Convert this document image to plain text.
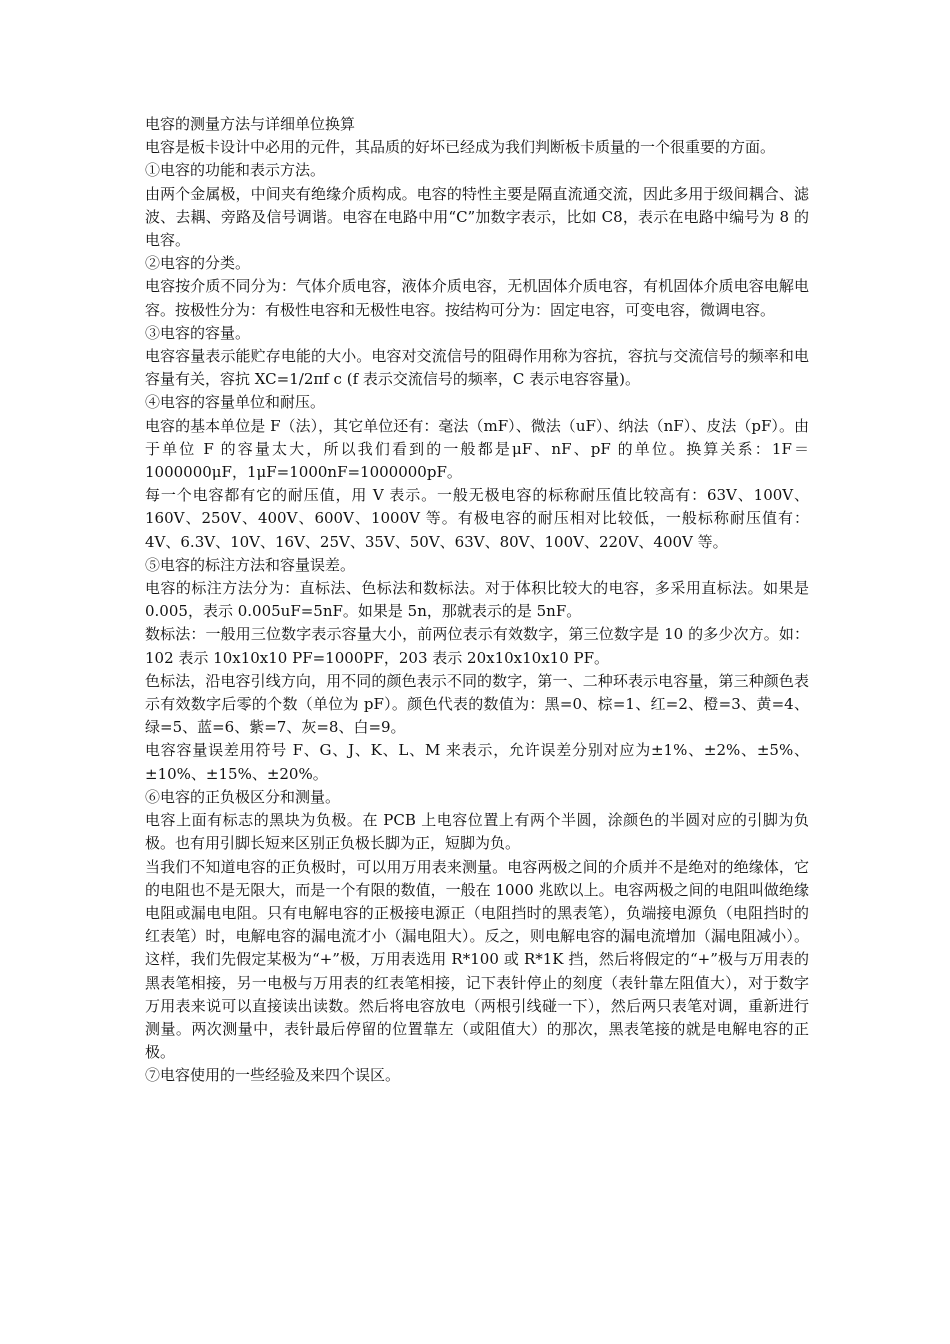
电容的测量方法与详细单位换算

电容是板卡设计中必用的元件，其品质的好坏已经成为我们判断板卡质量的一个很重要的方面。

①电容的功能和表示方法。

由两个金属极，中间夹有绝缘介质构成。电容的特性主要是隔直流通交流，因此多用于级间耦合、滤波、去耦、旁路及信号调谐。电容在电路中用“C”加数字表示，比如 C8，表示在电路中编号为 8 的电容。

②电容的分类。

电容按介质不同分为：气体介质电容，液体介质电容，无机固体介质电容，有机固体介质电容电解电容。按极性分为：有极性电容和无极性电容。按结构可分为：固定电容，可变电容，微调电容。

③电容的容量。

电容容量表示能贮存电能的大小。电容对交流信号的阻碍作用称为容抗，容抗与交流信号的频率和电容量有关，容抗 XC=1/2πf c (f 表示交流信号的频率，C 表示电容容量)。

④电容的容量单位和耐压。

电容的基本单位是 F（法），其它单位还有：毫法（mF）、微法（uF）、纳法（nF）、皮法（pF）。由于单位 F 的容量太大，所以我们看到的一般都是μF、nF、pF 的单位。换算关系：1F＝1000000μF，1μF=1000nF=1000000pF。

每一个电容都有它的耐压值，用 V 表示。一般无极电容的标称耐压值比较高有：63V、100V、160V、250V、400V、600V、1000V 等。有极电容的耐压相对比较低，一般标称耐压值有：4V、6.3V、10V、16V、25V、35V、50V、63V、80V、100V、220V、400V 等。

⑤电容的标注方法和容量误差。

电容的标注方法分为：直标法、色标法和数标法。对于体积比较大的电容，多采用直标法。如果是 0.005，表示 0.005uF=5nF。如果是 5n，那就表示的是 5nF。

数标法：一般用三位数字表示容量大小，前两位表示有效数字，第三位数字是 10 的多少次方。如：102 表示 10x10x10 PF=1000PF，203 表示 20x10x10x10 PF。

色标法，沿电容引线方向，用不同的颜色表示不同的数字，第一、二种环表示电容量，第三种颜色表示有效数字后零的个数（单位为 pF）。颜色代表的数值为：黑=0、棕=1、红=2、橙=3、黄=4、绿=5、蓝=6、紫=7、灰=8、白=9。

电容容量误差用符号 F、G、J、K、L、M 来表示，允许误差分别对应为±1%、±2%、±5%、±10%、±15%、±20%。

⑥电容的正负极区分和测量。

电容上面有标志的黑块为负极。在 PCB 上电容位置上有两个半圆，涂颜色的半圆对应的引脚为负极。也有用引脚长短来区别正负极长脚为正，短脚为负。

当我们不知道电容的正负极时，可以用万用表来测量。电容两极之间的介质并不是绝对的绝缘体，它的电阻也不是无限大，而是一个有限的数值，一般在 1000 兆欧以上。电容两极之间的电阻叫做绝缘电阻或漏电电阻。只有电解电容的正极接电源正（电阻挡时的黑表笔），负端接电源负（电阻挡时的红表笔）时，电解电容的漏电流才小（漏电阻大）。反之，则电解电容的漏电流增加（漏电阻减小）。这样，我们先假定某极为“+”极，万用表选用 R*100 或 R*1K 挡，然后将假定的“+”极与万用表的黑表笔相接，另一电极与万用表的红表笔相接，记下表针停止的刻度（表针靠左阻值大），对于数字万用表来说可以直接读出读数。然后将电容放电（两根引线碰一下），然后两只表笔对调，重新进行测量。两次测量中，表针最后停留的位置靠左（或阻值大）的那次，黑表笔接的就是电解电容的正极。

⑦电容使用的一些经验及来四个误区。
